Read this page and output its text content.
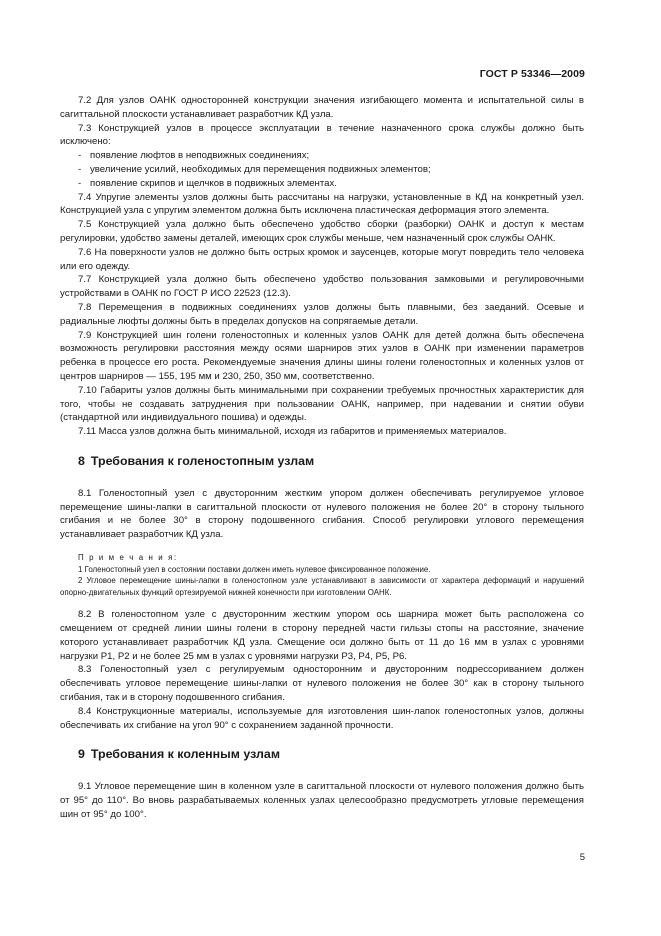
ГОСТ Р 53346—2009

7.2 Для узлов ОАНК односторонней конструкции значения изгибающего момента и испытательной силы в сагиттальной плоскости устанавливает разработчик КД узла.

7.3 Конструкцией узлов в процессе эксплуатации в течение назначенного срока службы должно быть исключено:

- появление люфтов в неподвижных соединениях;

- увеличение усилий, необходимых для перемещения подвижных элементов;

- появление скрипов и щелчков в подвижных элементах.

7.4 Упругие элементы узлов должны быть рассчитаны на нагрузки, установленные в КД на конкретный узел. Конструкцией узла с упругим элементом должна быть исключена пластическая деформация этого элемента.

7.5 Конструкцией узла должно быть обеспечено удобство сборки (разборки) ОАНК и доступ к местам регулировки, удобство замены деталей, имеющих срок службы меньше, чем назначенный срок службы ОАНК.

7.6 На поверхности узлов не должно быть острых кромок и заусенцев, которые могут повредить тело человека или его одежду.

7.7 Конструкцией узла должно быть обеспечено удобство пользования замковыми и регулировочными устройствами в ОАНК по ГОСТ Р ИСО 22523 (12.3).

7.8 Перемещения в подвижных соединениях узлов должны быть плавными, без заеданий. Осевые и радиальные люфты должны быть в пределах допусков на сопрягаемые детали.

7.9 Конструкцией шин голени голеностопных и коленных узлов ОАНК для детей должна быть обеспечена возможность регулировки расстояния между осями шарниров этих узлов в ОАНК при изменении параметров ребенка в процессе его роста. Рекомендуемые значения длины шины голени голеностопных и коленных узлов от центров шарниров — 155, 195 мм и 230, 250, 350 мм, соответственно.

7.10 Габариты узлов должны быть минимальными при сохранении требуемых прочностных характеристик для того, чтобы не создавать затруднения при пользовании ОАНК, например, при надевании и снятии обуви (стандартной или индивидуального пошива) и одежды.

7.11 Масса узлов должна быть минимальной, исходя из габаритов и применяемых материалов.

8 Требования к голеностопным узлам

8.1 Голеностопный узел с двусторонним жестким упором должен обеспечивать регулируемое угловое перемещение шины-лапки в сагиттальной плоскости от нулевого положения не более 20° в сторону тыльного сгибания и не более 30° в сторону подошвенного сгибания. Способ регулировки углового перемещения устанавливает разработчик КД узла.

П р и м е ч а н и я:

1 Голеностопный узел в состоянии поставки должен иметь нулевое фиксированное положение.

2 Угловое перемещение шины-лапки в голеностопном узле устанавливают в зависимости от характера деформаций и нарушений опорно-двигательных функций ортезируемой нижней конечности при изготовлении ОАНК.

8.2 В голеностопном узле с двусторонним жестким упором ось шарнира может быть расположена со смещением от средней линии шины голени в сторону передней части гильзы стопы на расстояние, значение которого устанавливает разработчик КД узла. Смещение оси должно быть от 11 до 16 мм в узлах с уровнями нагрузки Р1, Р2 и не более 25 мм в узлах с уровнями нагрузки Р3, Р4, Р5, Р6.

8.3 Голеностопный узел с регулируемым односторонним и двусторонним подрессориванием должен обеспечивать угловое перемещение шины-лапки от нулевого положения не более 30° как в сторону тыльного сгибания, так и в сторону подошвенного сгибания.

8.4 Конструкционные материалы, используемые для изготовления шин-лапок голеностопных узлов, должны обеспечивать их сгибание на угол 90° с сохранением заданной прочности.

9 Требования к коленным узлам

9.1 Угловое перемещение шин в коленном узле в сагиттальной плоскости от нулевого положения должно быть от 95° до 110°. Во вновь разрабатываемых коленных узлах целесообразно предусмотреть угловые перемещения шин от 95° до 100°.

5
